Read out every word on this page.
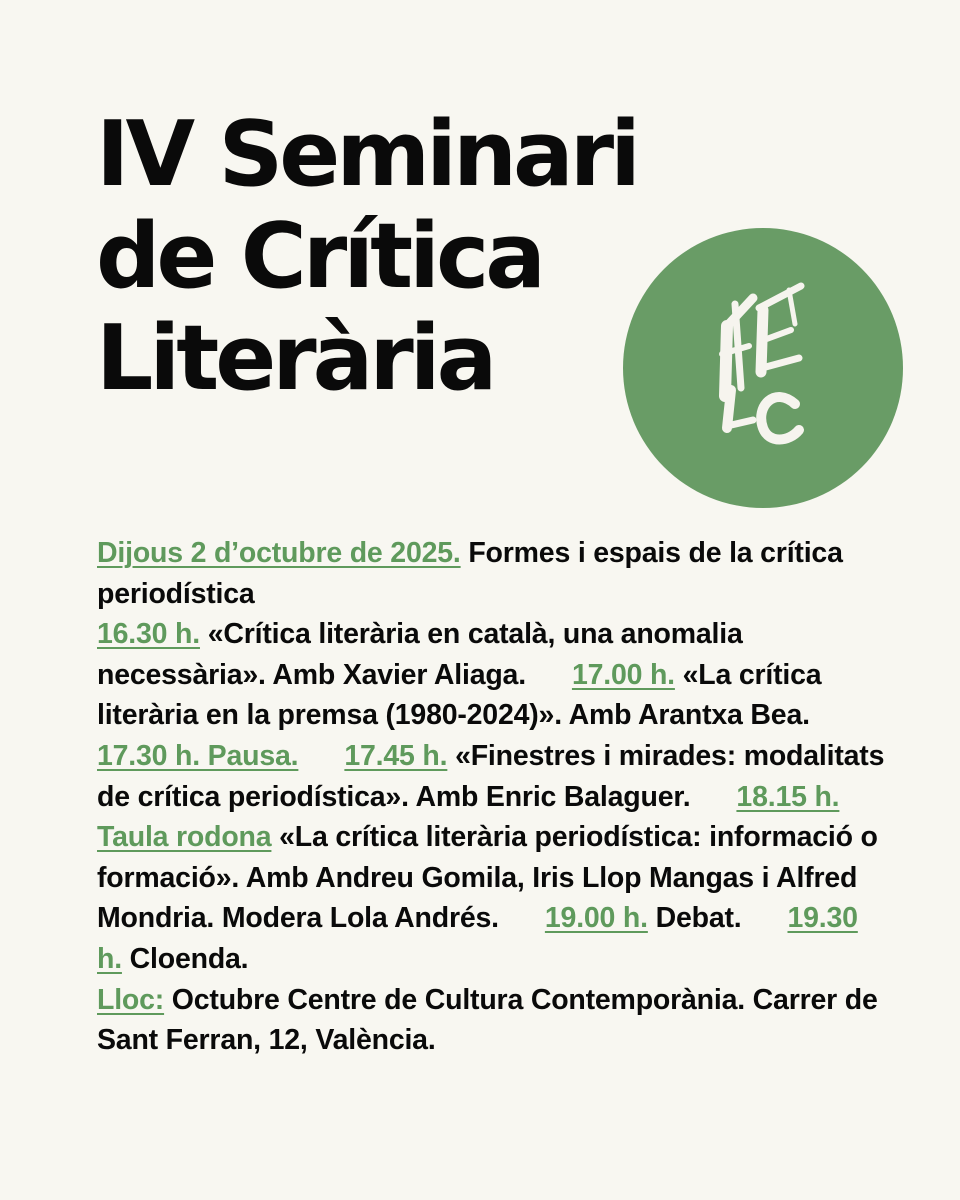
IV Seminari
de Crítica
Literària

Dijous 2 d’octubre de 2025. Formes i espais de la crítica periodística
16.30 h. «Crítica literària en català, una anomalia necessària». Amb Xavier Aliaga. 17.00 h. «La crítica literària en la premsa (1980-2024)». Amb Arantxa Bea.17.30 h. Pausa. 17.45 h. «Finestres i mirades: modalitats de crítica periodística». Amb Enric Balaguer. 18.15 h. Taula rodona «La crítica literària periodística: informació o formació». Amb Andreu Gomila, Iris Llop Mangas i Alfred Mondria. Modera Lola Andrés. 19.00 h. Debat. 19.30 h. Cloenda.
Lloc: Octubre Centre de Cultura Contemporània. Carrer de Sant Ferran, 12, València.
